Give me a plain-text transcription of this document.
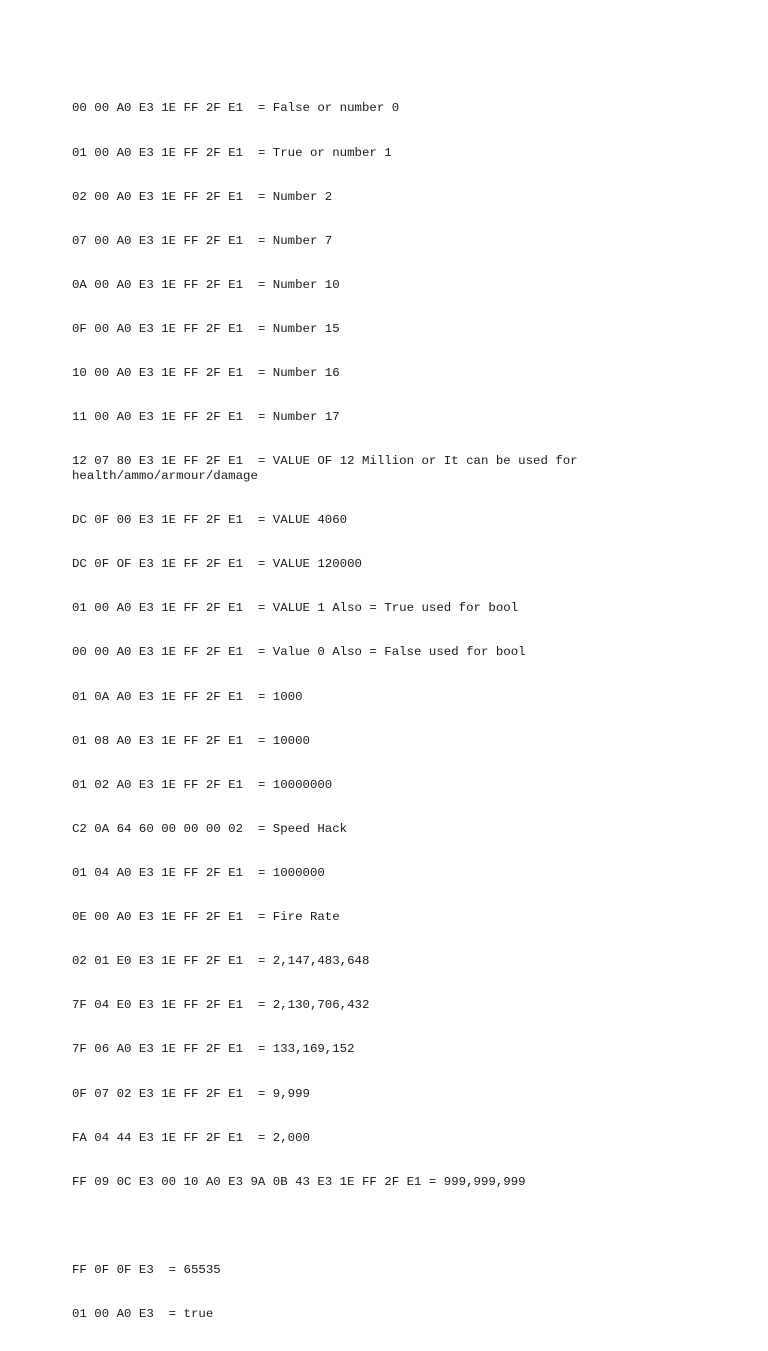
00 00 A0 E3 1E FF 2F E1  = False or number 0

01 00 A0 E3 1E FF 2F E1  = True or number 1

02 00 A0 E3 1E FF 2F E1  = Number 2

07 00 A0 E3 1E FF 2F E1  = Number 7

0A 00 A0 E3 1E FF 2F E1  = Number 10

0F 00 A0 E3 1E FF 2F E1  = Number 15

10 00 A0 E3 1E FF 2F E1  = Number 16

11 00 A0 E3 1E FF 2F E1  = Number 17

12 07 80 E3 1E FF 2F E1  = VALUE OF 12 Million or It can be used for health/ammo/armour/damage

DC 0F 00 E3 1E FF 2F E1  = VALUE 4060

DC 0F OF E3 1E FF 2F E1  = VALUE 120000

01 00 A0 E3 1E FF 2F E1  = VALUE 1 Also = True used for bool

00 00 A0 E3 1E FF 2F E1  = Value 0 Also = False used for bool

01 0A A0 E3 1E FF 2F E1  = 1000

01 08 A0 E3 1E FF 2F E1  = 10000

01 02 A0 E3 1E FF 2F E1  = 10000000

C2 0A 64 60 00 00 00 02  = Speed Hack

01 04 A0 E3 1E FF 2F E1  = 1000000

0E 00 A0 E3 1E FF 2F E1  = Fire Rate

02 01 E0 E3 1E FF 2F E1  = 2,147,483,648

7F 04 E0 E3 1E FF 2F E1  = 2,130,706,432

7F 06 A0 E3 1E FF 2F E1  = 133,169,152

0F 07 02 E3 1E FF 2F E1  = 9,999

FA 04 44 E3 1E FF 2F E1  = 2,000

FF 09 0C E3 00 10 A0 E3 9A 0B 43 E3 1E FF 2F E1 = 999,999,999

FF 0F 0F E3  = 65535

01 00 A0 E3  = true
